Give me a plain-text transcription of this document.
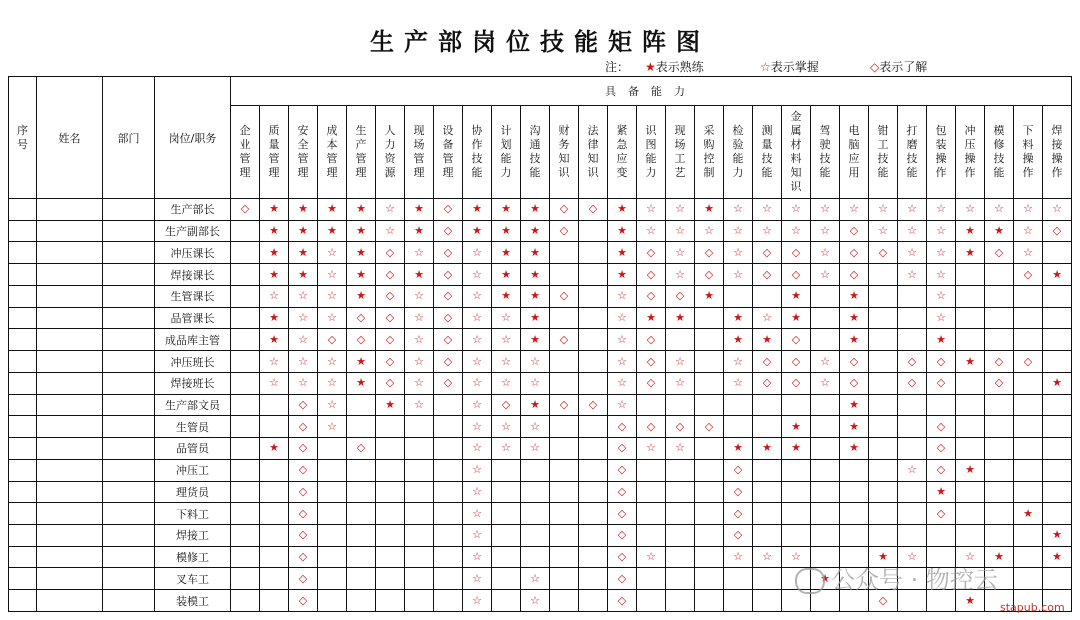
生产部岗位技能矩阵图
注： ★表示熟练	☆表示掌握	◇表示了解
序号	姓名	部门	岗位/职务	具备能力																												

				企业管理	质量管理	安全管理	成本管理	生产管理	人力资源	现场管理	设备管理	协作技能	计划能力	沟通技能	财务知识	法律知识	紧急应变	识图能力	现场工艺	采购控制	检验能力	测量技能	金属材料知识	驾驶技能	电脑应用	钳工技能	打磨技能	包装操作	冲压操作	模修技能	下料操作	焊接操作

			生产部长	◇	★	★	★	★	☆	★	◇	★	★	★	◇	◇	★	☆	☆	★	☆	☆	☆	☆	☆	☆	☆	☆	☆	☆	☆	☆
			生产副部长		★	★	★	★	☆	★	◇	★	★	★	◇		★	☆	☆	☆	☆	☆	☆	☆	◇	☆	☆	☆	★	★	☆	◇
			冲压课长		★	★	☆	★	◇	☆	◇	☆	★	★			★	◇	☆	◇	☆	◇	◇	☆	◇	◇	☆	☆	★	◇	☆	
			焊接课长		★	★	☆	★	◇	★	◇	☆	★	★			★	◇	☆	◇	☆	◇	◇	☆	◇		☆	☆			◇	★
			生管课长		☆	☆	☆	★	◇	☆	◇	☆	★	★	◇		☆	◇	◇	★			★		★			☆				
			品管课长		★	☆	☆	◇	◇	☆	◇	☆	☆	★			☆	★	★		★	☆	★		★			☆				
			成品库主管		★	☆	◇	◇	◇	☆	◇	☆	☆	★	◇		☆	◇			★	★	◇		★			★				
			冲压班长		☆	☆	☆	★	◇	☆	◇	☆	☆	☆			☆	◇	☆		☆	◇	◇	☆	◇		◇	◇	★	◇	◇	
			焊接班长		☆	☆	☆	★	◇	☆	◇	☆	☆	☆			☆	◇	☆		☆	◇	◇	☆	◇		◇	◇		◇		★
			生产部文员			◇	☆		★	☆		☆	◇	★	◇	◇	☆								★							
			生管员			◇	☆					☆	☆	☆			◇	◇	◇	◇			★		★			◇				
			品管员		★	◇		◇				☆	☆	☆			◇	☆	☆		★	★	★		★			◇				
			冲压工			◇						☆					◇				◇						☆	◇	★			
			理货员			◇						☆					◇				◇							★				
			下料工			◇						☆					◇				◇							◇			★	
			焊接工			◇						☆					◇				◇											★
			模修工			◇						☆					◇	☆			☆	☆	☆			★	☆		☆	★		★
			叉车工			◇						☆		☆			◇							★								
			装模工			◇						☆		☆			◇									◇			★			
公众号 · 物控云
stapub.com
